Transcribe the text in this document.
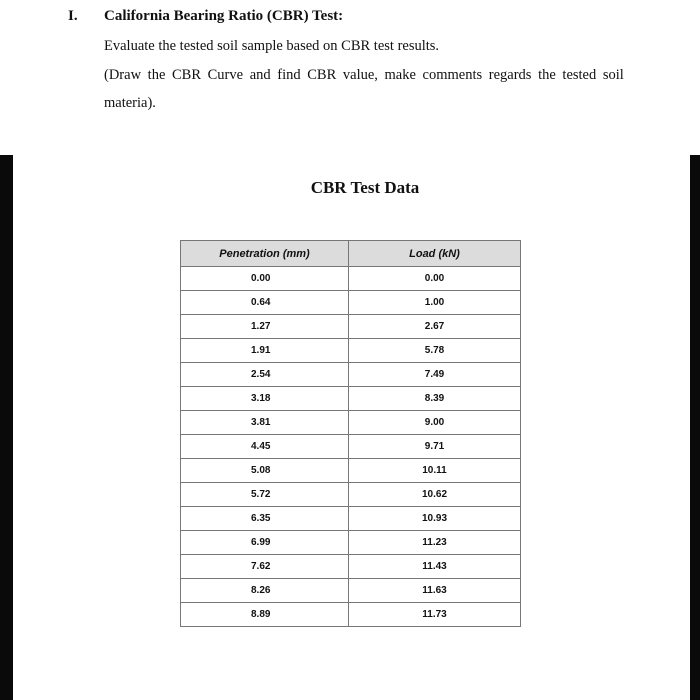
I. California Bearing Ratio (CBR) Test:
Evaluate the tested soil sample based on CBR test results.
(Draw the CBR Curve and find CBR value, make comments regards the tested soil
materia).
CBR Test Data
Penetration (mm)	Load (kN)
0.00	0.00
0.64	1.00
1.27	2.67
1.91	5.78
2.54	7.49
3.18	8.39
3.81	9.00
4.45	9.71
5.08	10.11
5.72	10.62
6.35	10.93
6.99	11.23
7.62	11.43
8.26	11.63
8.89	11.73
